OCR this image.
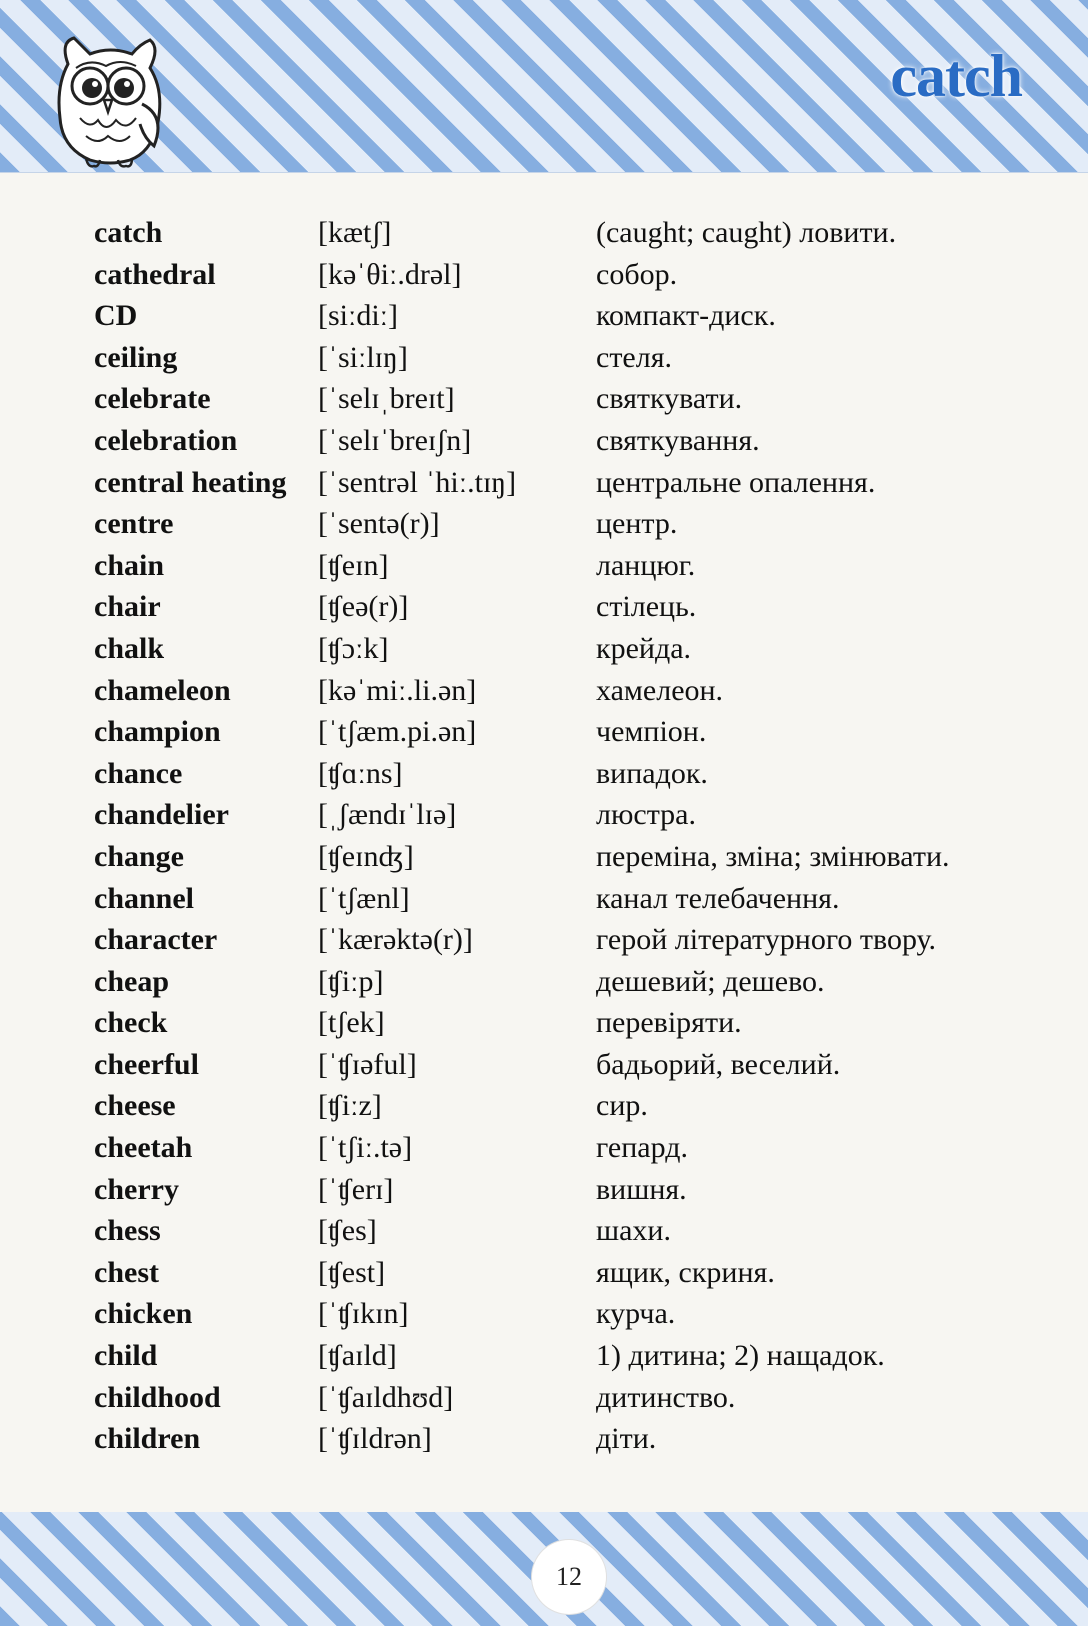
catch
catch	[kætʃ]	(caught; caught) ловити.
cathedral	[kəˈθiː.drəl]	собор.
CD	[siːdiː]	компакт-диск.
ceiling	[ˈsiːlɪŋ]	стеля.
celebrate	[ˈselɪˌbreɪt]	святкувати.
celebration	[ˈselɪˈbreɪʃn]	святкування.
central heating [ˈsentrəl ˈhiː.tɪŋ]	центральне опалення.
centre	[ˈsentə(r)]	центр.
chain	[ʧeɪn]	ланцюг.
chair	[ʧeə(r)]	стілець.
chalk	[ʧɔːk]	крейда.
chameleon	[kəˈmiː.li.ən]	хамелеон.
champion	[ˈtʃæm.pi.ən]	чемпіон.
chance	[ʧɑːns]	випадок.
chandelier	[ˌʃændɪˈlɪə]	люстра.
change	[ʧeɪnʤ]	переміна, зміна; змінювати.
channel	[ˈtʃænl]	канал телебачення.
character	[ˈkærəktə(r)]	герой літературного твору.
cheap	[ʧiːp]	дешевий; дешево.
check	[tʃek]	перевіряти.
cheerful	[ˈʧɪəful]	бадьорий, веселий.
cheese	[ʧiːz]	сир.
cheetah	[ˈtʃiː.tə]	гепард.
cherry	[ˈʧerɪ]	вишня.
chess	[ʧes]	шахи.
chest	[ʧest]	ящик, скриня.
chicken	[ˈʧɪkɪn]	курча.
child	[ʧaɪld]	1) дитина; 2) нащадок.
childhood	[ˈʧaɪldhʊd]	дитинство.
children	[ˈʧɪldrən]	діти.
12
